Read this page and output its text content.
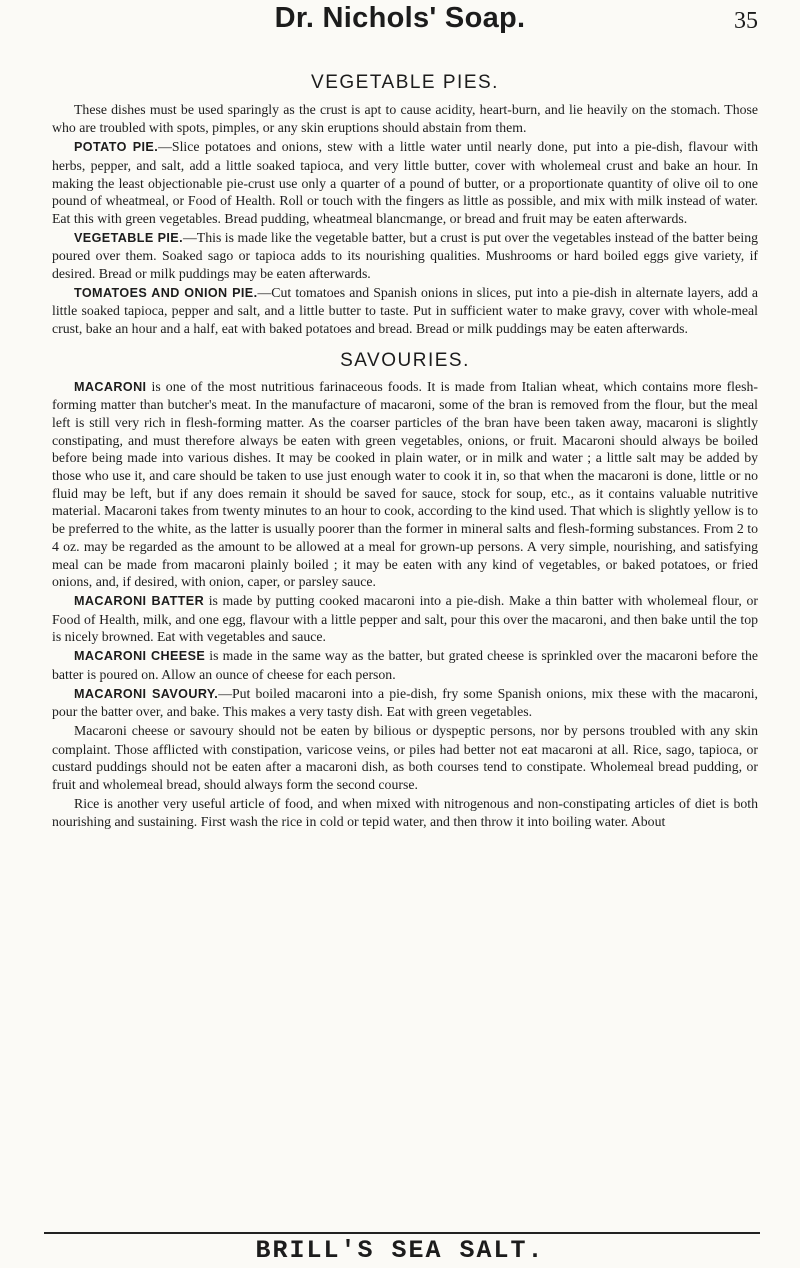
Dr. Nichols' Soap.	35
VEGETABLE PIES.

These dishes must be used sparingly as the crust is apt to cause acidity, heart-burn, and lie heavily on the stomach. Those who are troubled with spots, pimples, or any skin eruptions should abstain from them.

POTATO PIE.—Slice potatoes and onions, stew with a little water until nearly done, put into a pie-dish, flavour with herbs, pepper, and salt, add a little soaked tapioca, and very little butter, cover with wholemeal crust and bake an hour. In making the least objectionable pie-crust use only a quarter of a pound of butter, or a proportionate quantity of olive oil to one pound of wheatmeal, or Food of Health. Roll or touch with the fingers as little as possible, and mix with milk instead of water. Eat this with green vegetables. Bread pudding, wheatmeal blancmange, or bread and fruit may be eaten afterwards.

VEGETABLE PIE.—This is made like the vegetable batter, but a crust is put over the vegetables instead of the batter being poured over them. Soaked sago or tapioca adds to its nourishing qualities. Mushrooms or hard boiled eggs give variety, if desired. Bread or milk puddings may be eaten afterwards.

TOMATOES AND ONION PIE.—Cut tomatoes and Spanish onions in slices, put into a pie-dish in alternate layers, add a little soaked tapioca, pepper and salt, and a little butter to taste. Put in sufficient water to make gravy, cover with whole-meal crust, bake an hour and a half, eat with baked potatoes and bread. Bread or milk puddings may be eaten afterwards.

SAVOURIES.

MACARONI is one of the most nutritious farinaceous foods. It is made from Italian wheat, which contains more flesh-forming matter than butcher's meat. In the manufacture of macaroni, some of the bran is removed from the flour, but the meal left is still very rich in flesh-forming matter. As the coarser particles of the bran have been taken away, macaroni is slightly constipating, and must therefore always be eaten with green vegetables, onions, or fruit. Macaroni should always be boiled before being made into various dishes. It may be cooked in plain water, or in milk and water ; a little salt may be added by those who use it, and care should be taken to use just enough water to cook it in, so that when the macaroni is done, little or no fluid may be left, but if any does remain it should be saved for sauce, stock for soup, etc., as it contains valuable nutritive material. Macaroni takes from twenty minutes to an hour to cook, according to the kind used. That which is slightly yellow is to be preferred to the white, as the latter is usually poorer than the former in mineral salts and flesh-forming substances. From 2 to 4 oz. may be regarded as the amount to be allowed at a meal for grown-up persons. A very simple, nourishing, and satisfying meal can be made from macaroni plainly boiled ; it may be eaten with any kind of vegetables, or baked potatoes, or fried onions, and, if desired, with onion, caper, or parsley sauce.

MACARONI BATTER is made by putting cooked macaroni into a pie-dish. Make a thin batter with wholemeal flour, or Food of Health, milk, and one egg, flavour with a little pepper and salt, pour this over the macaroni, and then bake until the top is nicely browned. Eat with vegetables and sauce.

MACARONI CHEESE is made in the same way as the batter, but grated cheese is sprinkled over the macaroni before the batter is poured on. Allow an ounce of cheese for each person.

MACARONI SAVOURY.—Put boiled macaroni into a pie-dish, fry some Spanish onions, mix these with the macaroni, pour the batter over, and bake. This makes a very tasty dish. Eat with green vegetables.

Macaroni cheese or savoury should not be eaten by bilious or dyspeptic persons, nor by persons troubled with any skin complaint. Those afflicted with constipation, varicose veins, or piles had better not eat macaroni at all. Rice, sago, tapioca, or custard puddings should not be eaten after a macaroni dish, as both courses tend to constipate. Wholemeal bread pudding, or fruit and wholemeal bread, should always form the second course.

Rice is another very useful article of food, and when mixed with nitrogenous and non-constipating articles of diet is both nourishing and sustaining. First wash the rice in cold or tepid water, and then throw it into boiling water. About

BRILL'S SEA SALT.
